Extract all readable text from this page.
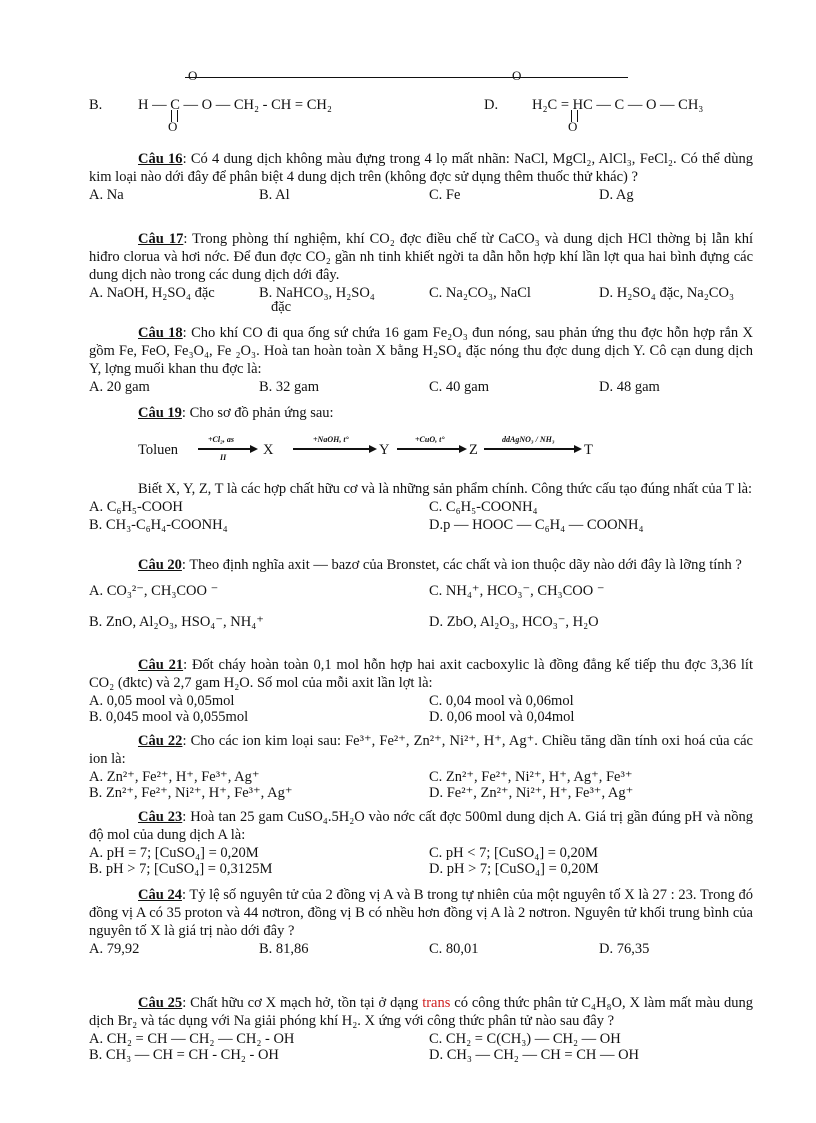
O	O
B. H — C — O — CH₂ - CH = CH₂	D. H₂C = HC — C — O — CH₃
O	O

Câu 16: Có 4 dung dịch không màu đựng trong 4 lọ mất nhãn: NaCl, MgCl₂, AlCl₃, FeCl₂. Có thể dùng kim loại nào dới đây để phân biệt 4 dung dịch trên (không đợc sử dụng thêm thuốc thử khác) ?

A. Na	B. Al	C. Fe	D. Ag

Câu 17: Trong phòng thí nghiệm, khí CO₂ đợc điều chế từ CaCO₃ và dung dịch HCl thờng bị lẫn khí hiđro clorua và hơi nớc. Để đun đợc CO₂ gần nh tinh khiết ngời ta dẫn hỗn hợp khí lần lợt qua hai bình đựng các dung dịch nào trong các dung dịch dới đây.

A. NaOH, H₂SO₄ đặc	B. NaHCO₃, H₂SO₄	C. Na₂CO₃, NaCl	D. H₂SO₄ đặc, Na₂CO₃
đặc

Câu 18: Cho khí CO đi qua ống sứ chứa 16 gam Fe₂O₃ đun nóng, sau phản ứng thu đợc hỗn hợp rắn X gồm Fe, FeO, Fe₃O₄, Fe ₂O₃. Hoà tan hoàn toàn X bằng H₂SO₄ đặc nóng thu đợc dung dịch Y. Cô cạn dung dịch Y, lợng muối khan thu đợc là:

A. 20 gam	B. 32 gam	C. 40 gam	D. 48 gam

Câu 19: Cho sơ đồ phản ứng sau:

Toluen
+Cl₂, as
II	X
+NaOH, t°
Y
+CuO, t°
Z
ddAgNO₃ / NH₃
T

Biết X, Y, Z, T là các hợp chất hữu cơ và là những sản phẩm chính. Công thức cấu tạo đúng nhất của T là:

A. C₆H₅-COOH	C. C₆H₅-COONH₄
B. CH₃-C₆H₄-COONH₄	D.p — HOOC — C₆H₄ — COONH₄

Câu 20: Theo định nghĩa axit — bazơ của Bronstet, các chất và ion thuộc dãy nào dới đây là lỡng tính ?

A. CO₃²⁻, CH₃COO ⁻	C. NH₄⁺, HCO₃⁻, CH₃COO ⁻
B. ZnO, Al₂O₃, HSO₄⁻, NH₄⁺	D. ZbO, Al₂O₃, HCO₃⁻, H₂O

Câu 21: Đốt cháy hoàn toàn 0,1 mol hỗn hợp hai axit cacboxylic là đồng đẳng kế tiếp thu đợc 3,36 lít CO₂ (đktc) và 2,7 gam H₂O. Số mol của mỗi axit lần lợt là:

A. 0,05 mool và 0,05mol	C. 0,04 mool và 0,06mol
B. 0,045 mool và 0,055mol	D. 0,06 mool và 0,04mol

Câu 22: Cho các ion kim loại sau: Fe³⁺, Fe²⁺, Zn²⁺, Ni²⁺, H⁺, Ag⁺. Chiều tăng dần tính oxi hoá của các ion là:

A. Zn²⁺, Fe²⁺, H⁺, Fe³⁺, Ag⁺	C. Zn²⁺, Fe²⁺, Ni²⁺, H⁺, Ag⁺, Fe³⁺
B. Zn²⁺, Fe²⁺, Ni²⁺, H⁺, Fe³⁺, Ag⁺	D. Fe²⁺, Zn²⁺, Ni²⁺, H⁺, Fe³⁺, Ag⁺

Câu 23: Hoà tan 25 gam CuSO₄.5H₂O vào nớc cất đợc 500ml dung dịch A. Giá trị gần đúng pH và nồng độ mol của dung dịch A là:

A. pH = 7; [CuSO₄] = 0,20M	C. pH < 7; [CuSO₄] = 0,20M
B. pH > 7; [CuSO₄] = 0,3125M	D. pH > 7; [CuSO₄] = 0,20M

Câu 24: Tỷ lệ số nguyên tử của 2 đồng vị A và B trong tự nhiên của một nguyên tố X là 27 : 23. Trong đó đồng vị A có 35 proton và 44 nơtron, đồng vị B có nhều hơn đồng vị A là 2 nơtron. Nguyên tử khối trung bình của nguyên tố X là giá trị nào dới đây ?

A. 79,92	B. 81,86	C. 80,01	D. 76,35

Câu 25: Chất hữu cơ X mạch hở, tồn tại ở dạng trans có công thức phân tử C₄H₈O, X làm mất màu dung dịch Br₂ và tác dụng với Na giải phóng khí H₂. X ứng với công thức phân tử nào sau đây ?

A. CH₂ = CH — CH₂ — CH₂ - OH	C. CH₂ = C(CH₃) — CH₂ — OH
B. CH₃ — CH = CH - CH₂ - OH	D. CH₃ — CH₂ — CH = CH — OH
